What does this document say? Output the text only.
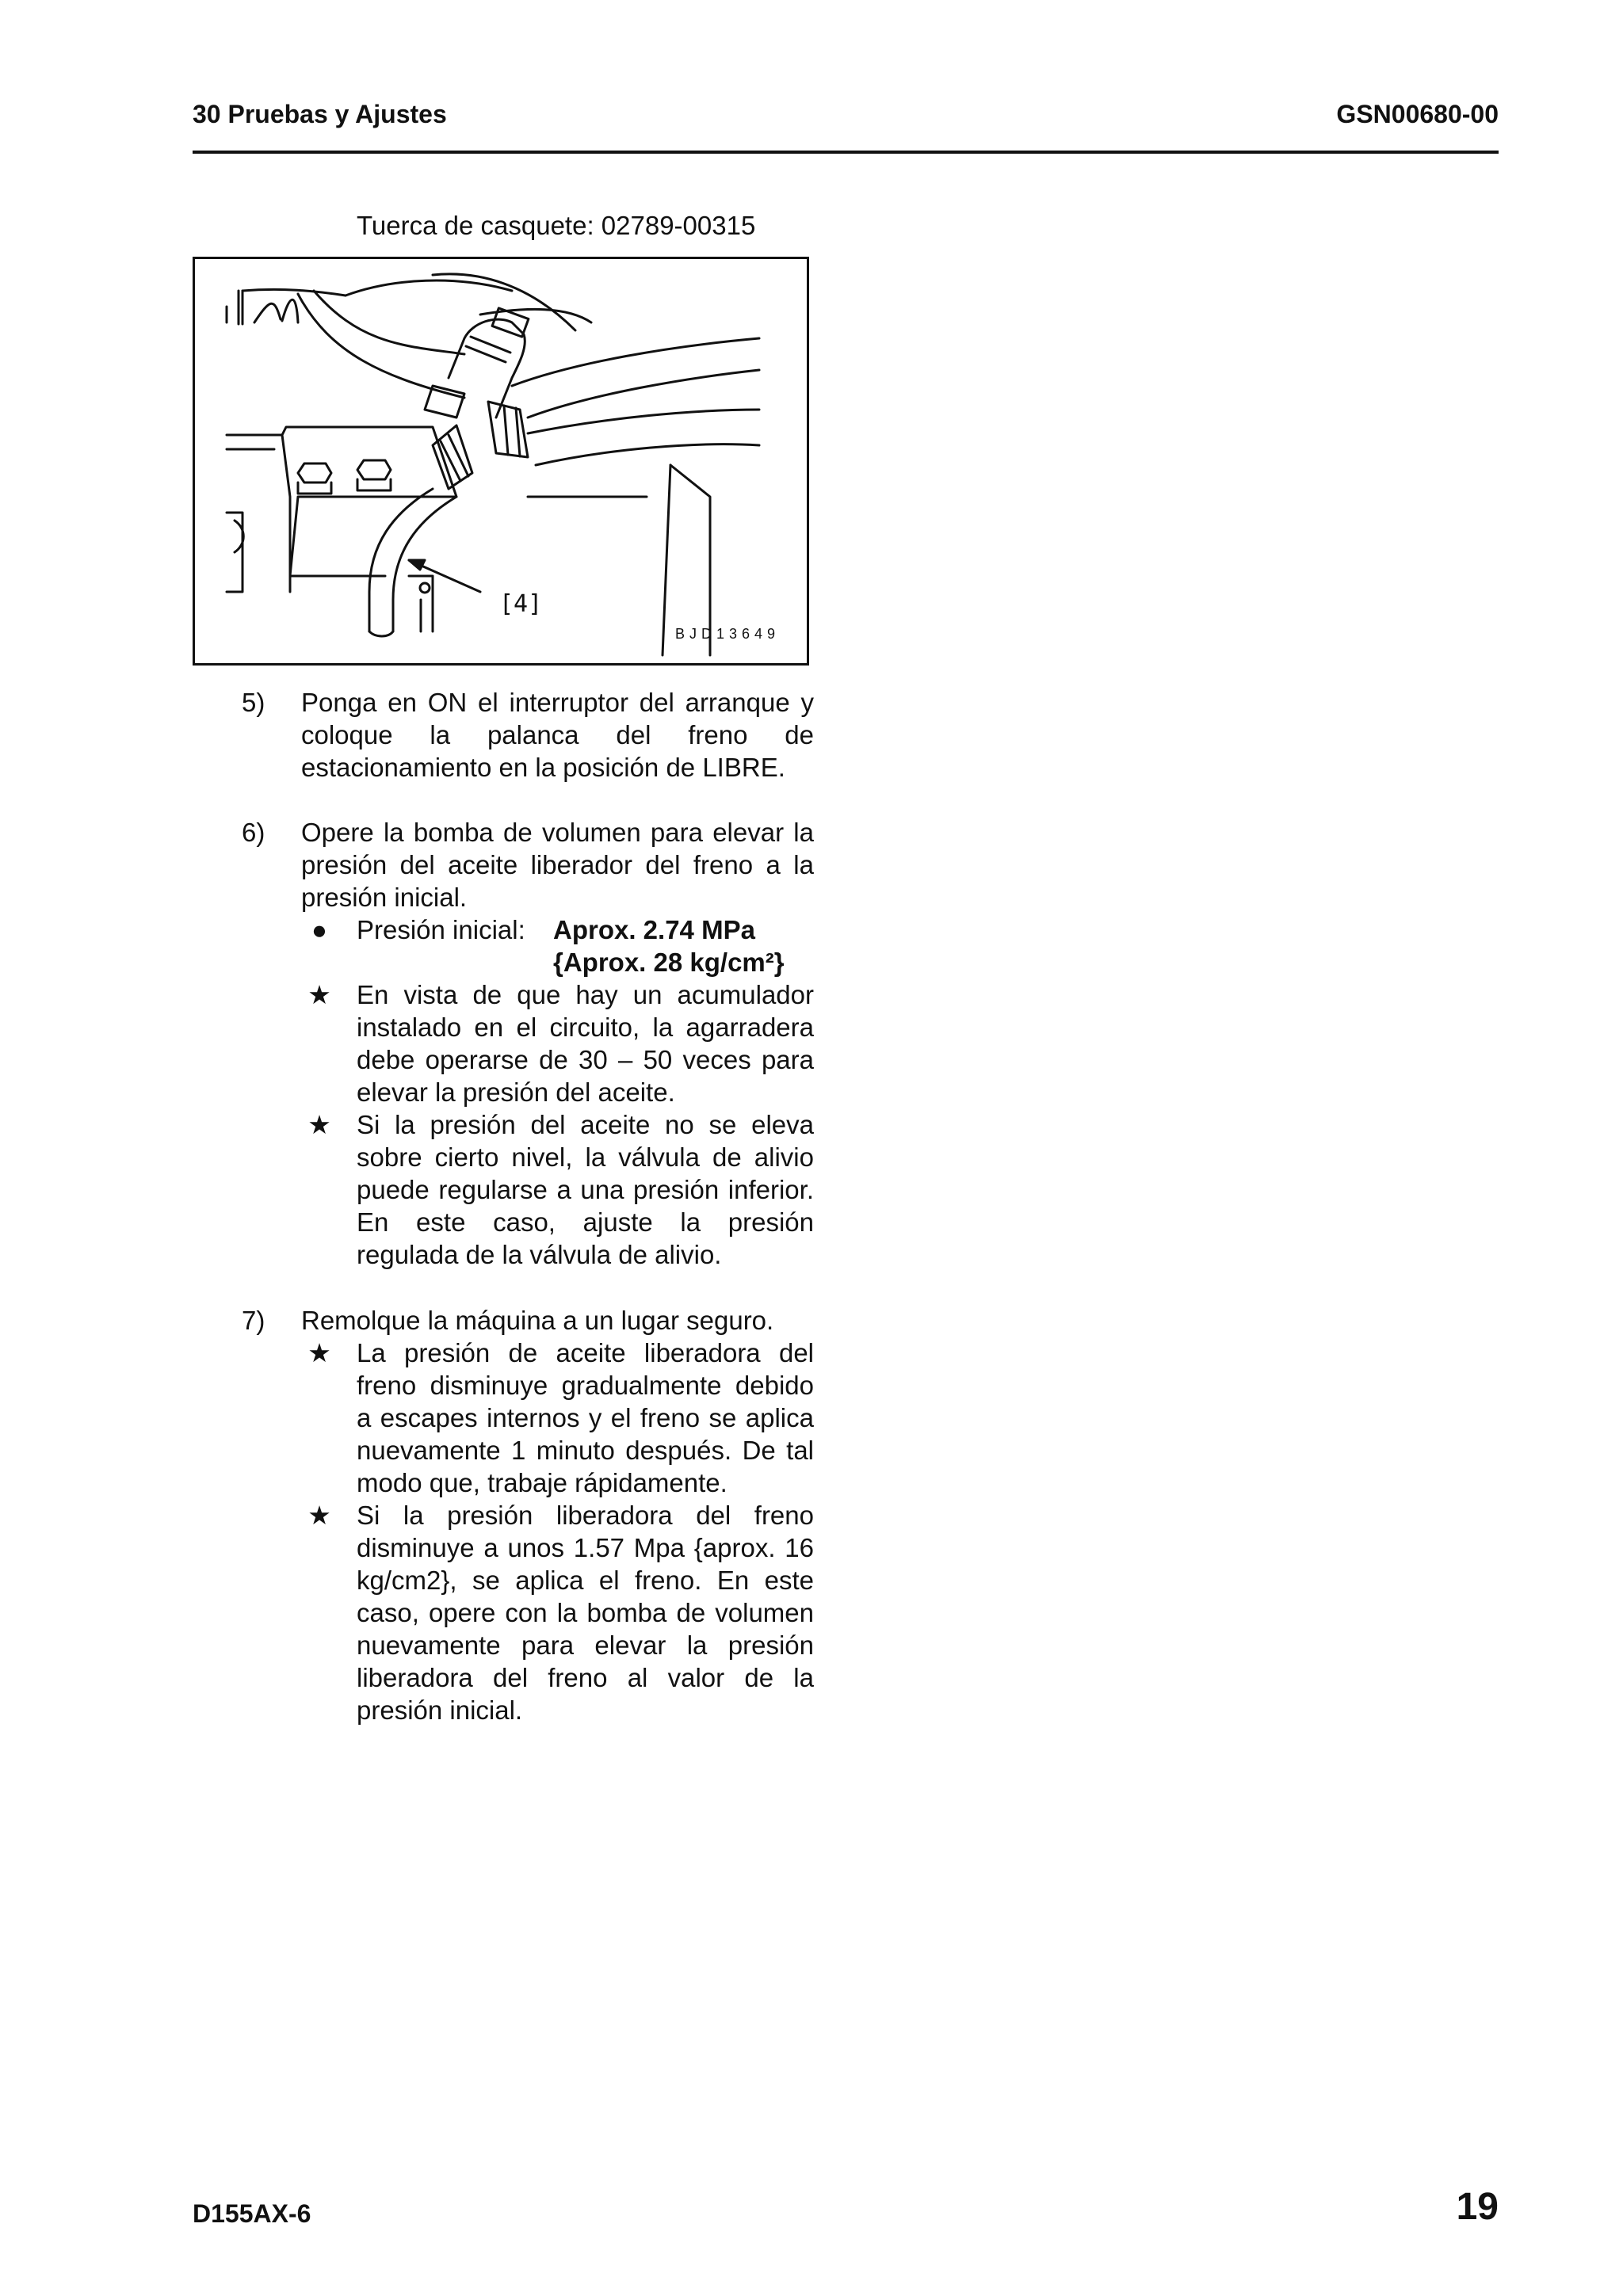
30 Pruebas y Ajustes	GSN00680-00
Tuerca de casquete: 02789-00315
[4]
BJD13649
5) Ponga en ON el interruptor del arranque y coloque la palanca del freno de estacionamiento en la posición de LIBRE.
6) Opere la bomba de volumen para elevar la presión del aceite liberador del freno a la presión inicial.
●	Presión inicial: Aprox. 2.74 MPa
{Aprox. 28 kg/cm²}
★ En vista de que hay un acumulador instalado en el circuito, la agarradera debe operarse de 30 – 50 veces para elevar la presión del aceite.
★ Si la presión del aceite no se eleva sobre cierto nivel, la válvula de alivio puede regularse a una presión inferior. En este caso, ajuste la presión regulada de la válvula de alivio.
7) Remolque la máquina a un lugar seguro.
★ La presión de aceite liberadora del freno disminuye gradualmente debido a escapes internos y el freno se aplica nuevamente 1 minuto después. De tal modo que, trabaje rápidamente.
★ Si la presión liberadora del freno disminuye a unos 1.57 Mpa {aprox. 16 kg/cm2}, se aplica el freno. En este caso, opere con la bomba de volumen nuevamente para elevar la presión liberadora del freno al valor de la presión inicial.
D155AX-6	19
